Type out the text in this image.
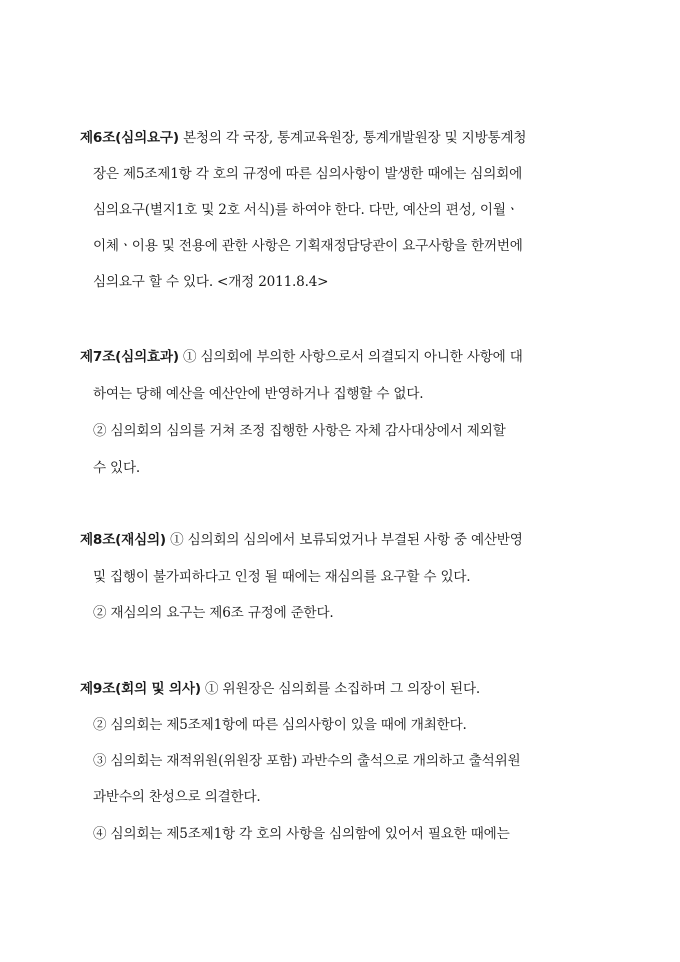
제6조(심의요구) 본청의 각 국장, 통계교육원장, 통계개발원장 및 지방통계청
장은 제5조제1항 각 호의 규정에 따른 심의사항이 발생한 때에는 심의회에
심의요구(별지1호 및 2호 서식)를 하여야 한다. 다만, 예산의 편성, 이월ㆍ
이체ㆍ이용 및 전용에 관한 사항은 기획재정담당관이 요구사항을 한꺼번에
심의요구 할 수 있다. <개정 2011.8.4>
제7조(심의효과) ① 심의회에 부의한 사항으로서 의결되지 아니한 사항에 대
하여는 당해 예산을 예산안에 반영하거나 집행할 수 없다.
② 심의회의 심의를 거쳐 조정 집행한 사항은 자체 감사대상에서 제외할
수 있다.
제8조(재심의) ① 심의회의 심의에서 보류되었거나 부결된 사항 중 예산반영
및 집행이 불가피하다고 인정 될 때에는 재심의를 요구할 수 있다.
② 재심의의 요구는 제6조 규정에 준한다.
제9조(회의 및 의사) ① 위원장은 심의회를 소집하며 그 의장이 된다.
② 심의회는 제5조제1항에 따른 심의사항이 있을 때에 개최한다.
③ 심의회는 재적위원(위원장 포함) 과반수의 출석으로 개의하고 출석위원
과반수의 찬성으로 의결한다.
④ 심의회는 제5조제1항 각 호의 사항을 심의함에 있어서 필요한 때에는
